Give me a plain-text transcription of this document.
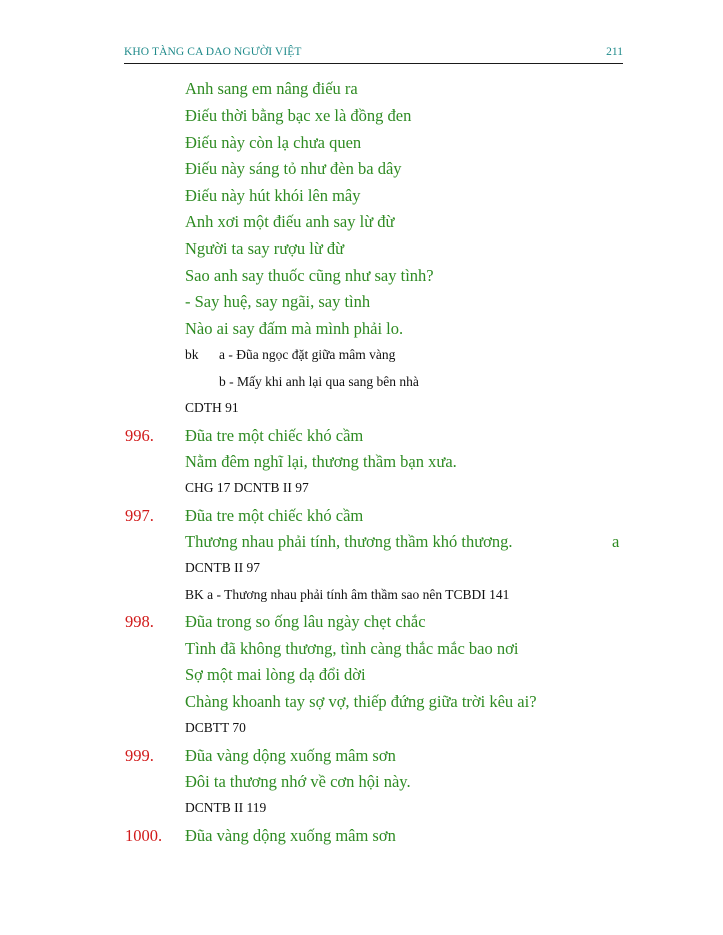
KHO TÀNG CA DAO NGƯỜI VIỆT	211
Anh sang em nâng điếu ra
Điếu thời bằng bạc xe là đồng đen
Điếu này còn lạ chưa quen
Điếu này sáng tỏ như đèn ba dây
Điếu này hút khói lên mây
Anh xơi một điếu anh say lừ đừ
Người ta say rượu lừ đừ
Sao anh say thuốc cũng như say tình?
- Say huệ, say ngãi, say tình
Nào ai say đấm mà mình phải lo.
bk a - Đũa ngọc đặt giữa mâm vàng
b - Mấy khi anh lại qua sang bên nhà
CDTH 91
996. Đũa tre một chiếc khó cầm
Nằm đêm nghĩ lại, thương thầm bạn xưa.
CHG 17 DCNTB II 97
997. Đũa tre một chiếc khó cầm
Thương nhau phải tính, thương thầm khó thương.	a
DCNTB II 97
BK a - Thương nhau phải tính âm thầm sao nên TCBDI 141
998. Đũa trong so ống lâu ngày chẹt chắc
Tình đã không thương, tình càng thắc mắc bao nơi
Sợ một mai lòng dạ đổi dời
Chàng khoanh tay sợ vợ, thiếp đứng giữa trời kêu ai?
DCBTT 70
999. Đũa vàng dộng xuống mâm sơn
Đôi ta thương nhớ về cơn hội này.
DCNTB II 119
1000. Đũa vàng dộng xuống mâm sơn
